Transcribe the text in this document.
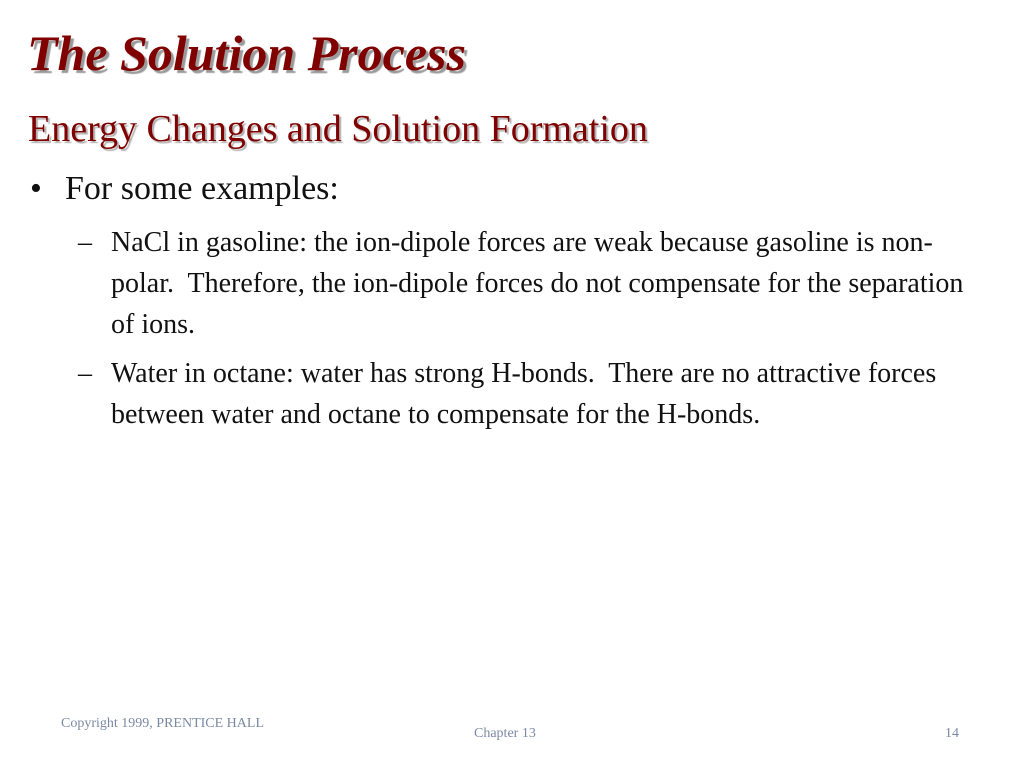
The Solution Process
Energy Changes and Solution Formation
• For some examples:
– NaCl in gasoline: the ion-dipole forces are weak because gasoline is non-polar.  Therefore, the ion-dipole forces do not compensate for the separation of ions.
– Water in octane: water has strong H-bonds.  There are no attractive forces between water and octane to compensate for the H-bonds.
Copyright 1999, PRENTICE HALL
Chapter 13	14
